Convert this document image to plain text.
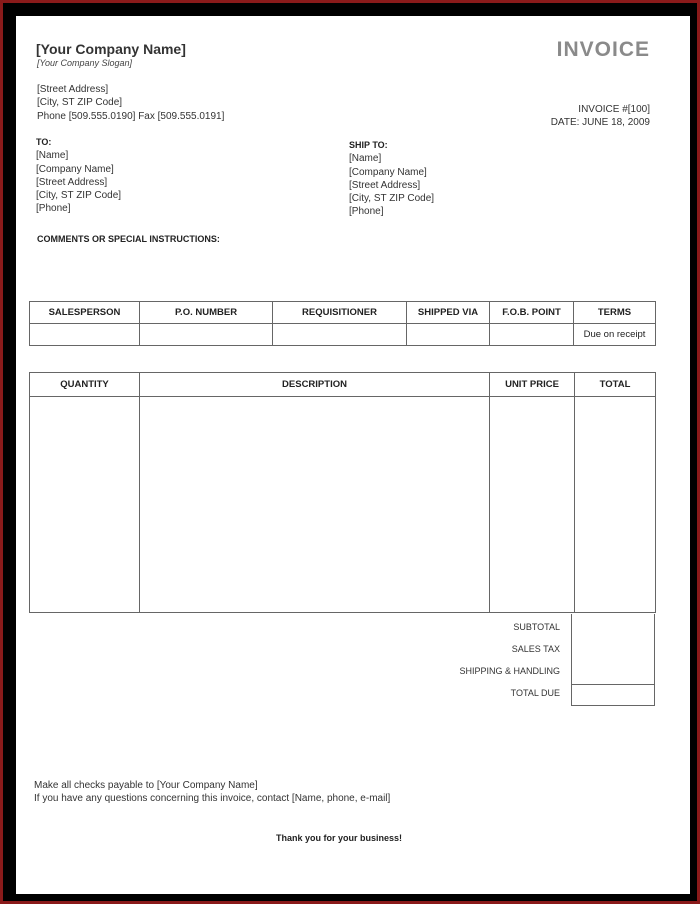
[Your Company Name]
[Your Company Slogan]
INVOICE
[Street Address]
[City, ST ZIP Code]
Phone [509.555.0190] Fax [509.555.0191]
INVOICE #[100]
DATE: JUNE 18, 2009
TO:
[Name]
[Company Name]
[Street Address]
[City, ST ZIP Code]
[Phone]
SHIP TO:
[Name]
[Company Name]
[Street Address]
[City, ST ZIP Code]
[Phone]
COMMENTS OR SPECIAL INSTRUCTIONS:
SALESPERSON	P.O. NUMBER	REQUISITIONER	SHIPPED VIA	F.O.B. POINT	TERMS
					Due on receipt
QUANTITY	DESCRIPTION	UNIT PRICE	TOTAL

SUBTOTAL
SALES TAX
SHIPPING & HANDLING
TOTAL DUE
Make all checks payable to [Your Company Name]
If you have any questions concerning this invoice, contact [Name, phone, e-mail]
Thank you for your business!
